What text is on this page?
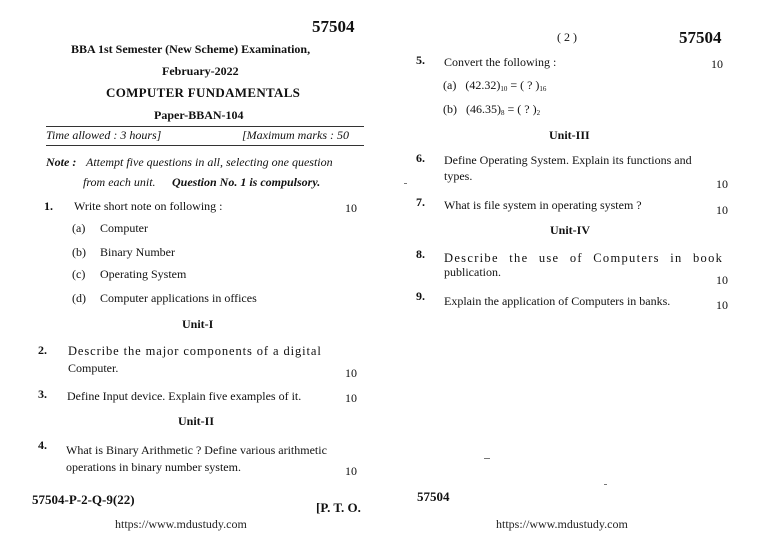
57504
BBA 1st Semester (New Scheme) Examination,
February-2022
COMPUTER FUNDAMENTALS
Paper-BBAN-104
Time allowed : 3 hours]	[Maximum marks : 50
Note : Attempt five questions in all, selecting one question
from each unit. Question No. 1 is compulsory.
1. Write short note on following :	10
(a) Computer
(b) Binary Number
(c) Operating System
(d) Computer applications in offices
Unit-I
2. Describe the major components of a digital
Computer.	10
3. Define Input device. Explain five examples of it.	10
Unit-II
4. What is Binary Arithmetic ? Define various arithmetic
operations in binary number system.	10
57504-P-2-Q-9(22)
[P. T. O.
https://www.mdustudy.com
( 2 )	57504
5. Convert the following :	10
(a) $(42.32)_{10}$ = ( ? )$_{16}$
(b) $(46.35)_8$ = ( ? )$_2$
Unit-III
6. Define Operating System. Explain its functions and
types.
10
7. What is file system in operating system ?	10
Unit-IV
8. Describe the use of Computers in book
publication.
10
9. Explain the application of Computers in banks.	10
57504
https://www.mdustudy.com
